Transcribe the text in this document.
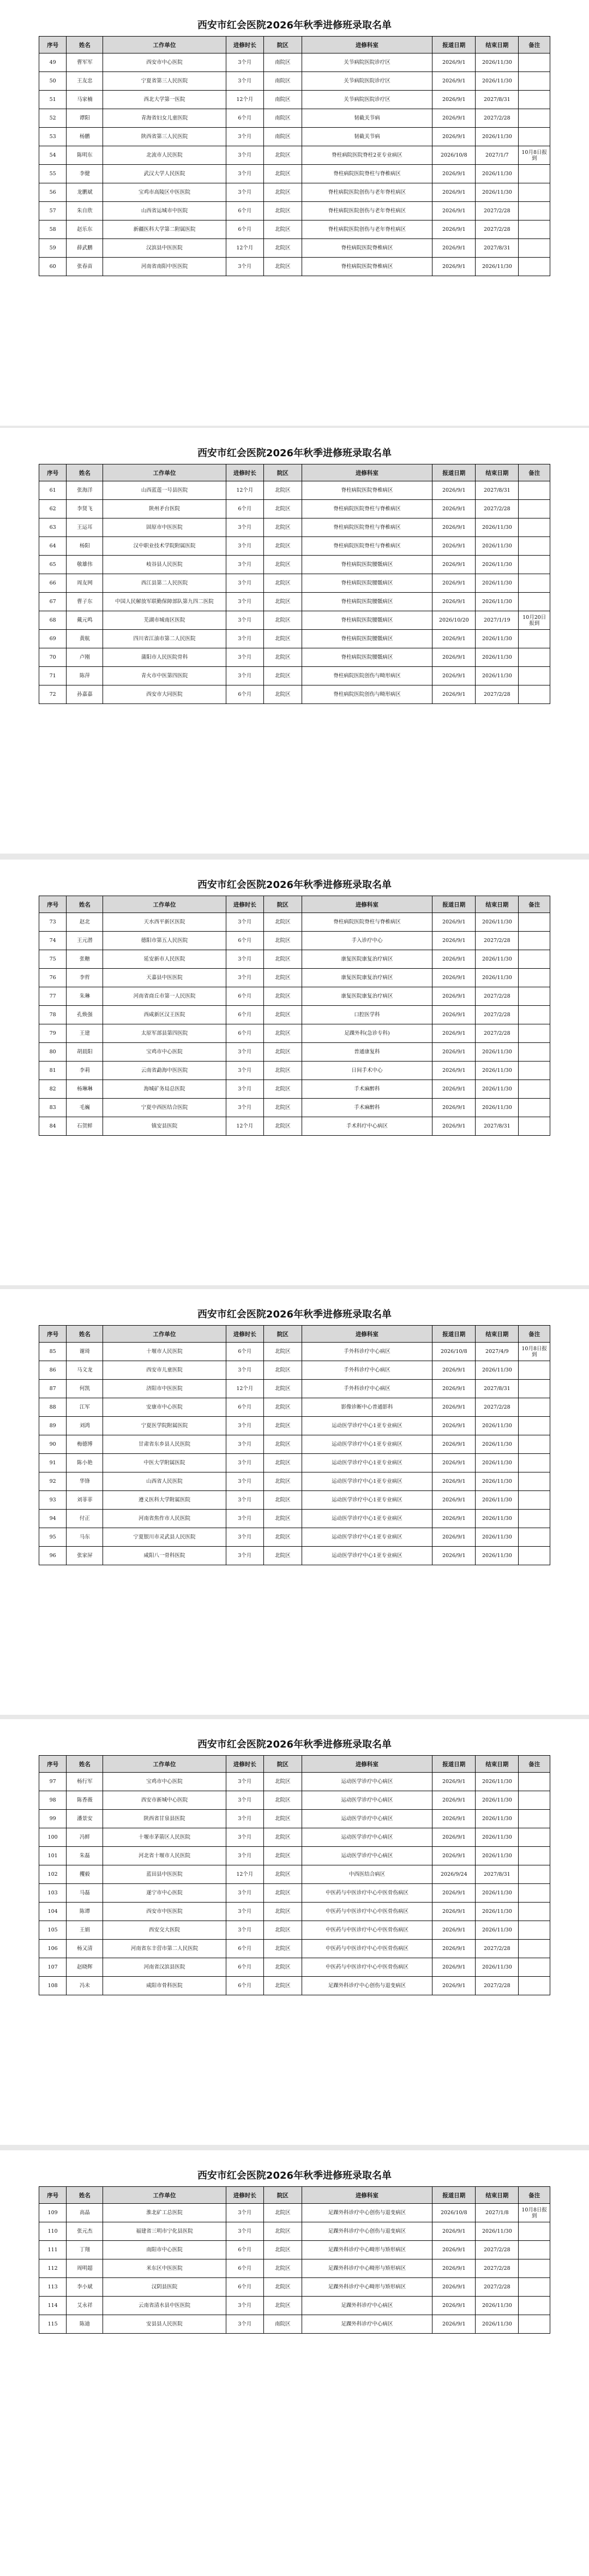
西安市红会医院2026年秋季进修班录取名单
序号	姓名	工作单位	进修时长	院区	进修科室	报道日期	结束日期	备注
49	曹军军	西安市中心医院	3个月	南院区	关节病院医院诊疗区	2026/9/1	2026/11/30	
50	王友忠	宁夏省第三人民医院	3个月	南院区	关节病院医院诊疗区	2026/9/1	2026/11/30	
51	马家楠	西北大学第一医院	12个月	南院区	关节病院医院诊疗区	2026/9/1	2027/8/31	
52	谭阳	青海省妇女儿童医院	6个月	南院区	韧截关节病	2026/9/1	2027/2/28	
53	杨鹏	陕西省第三人民医院	3个月	南院区	韧截关节病	2026/9/1	2026/11/30	
54	陈明东	北流市人民医院	3个月	北院区	脊柱病院医院脊柱2亚专业病区	2026/10/8	2027/1/7	10月8日报到
55	李健	武汉大学人民医院	3个月	北院区	脊柱病院医院脊柱与脊椎病区	2026/9/1	2026/11/30	
56	龙鹏斌	宝鸡市高陵区中医医院	3个月	北院区	脊柱病院医院创伤与老年脊柱病区	2026/9/1	2026/11/30	
57	朱自欣	山西省运城市中医院	6个月	北院区	脊柱病院医院创伤与老年脊柱病区	2026/9/1	2027/2/28	
58	赵乐东	新疆医科大学第二附属医院	6个月	北院区	脊柱病院医院创伤与老年脊柱病区	2026/9/1	2027/2/28	
59	薛武鹏	汉滨县中医医院	12个月	北院区	脊柱病院医院脊椎病区	2026/9/1	2027/8/31	
60	张春苗	河南省南阳中医医院	3个月	北院区	脊柱病院医院脊椎病区	2026/9/1	2026/11/30	
西安市红会医院2026年秋季进修班录取名单
序号	姓名	工作单位	进修时长	院区	进修科室	报道日期	结束日期	备注
61	张海洋	山西蓝莲一号县医院	12个月	北院区	脊柱病院医院脊椎病区	2026/9/1	2027/8/31	
62	李贤飞	陕州矛台医院	6个月	北院区	脊柱病院医院脊柱与脊椎病区	2026/9/1	2027/2/28	
63	王运耳	固原市中医医院	3个月	北院区	脊柱病院医院脊柱与脊椎病区	2026/9/1	2026/11/30	
64	杨阳	汉中职业技术学院附属医院	3个月	北院区	脊柱病院医院脊柱与脊椎病区	2026/9/1	2026/11/30	
65	敬雄伟	岐谷县人民医院	3个月	北院区	脊柱病院医院腰骶病区	2026/9/1	2026/11/30	
66	周友网	西江县第二人民医院	3个月	北院区	脊柱病院医院腰骶病区	2026/9/1	2026/11/30	
67	曹子东	中国人民解放军联勤保障部队第九四二医院	3个月	北院区	脊柱病院医院腰骶病区	2026/9/1	2026/11/30	
68	戴元鸣	芜湖市城南区医院	3个月	北院区	脊柱病院医院腰骶病区	2026/10/20	2027/1/19	10月20日报到
69	黄航	四川省江油市第二人民医院	3个月	北院区	脊柱病院医院腰骶病区	2026/9/1	2026/11/30	
70	卢刚	蒲阳市人民医院骨科	3个月	北院区	脊柱病院医院腰骶病区	2026/9/1	2026/11/30	
71	陈萍	青火市中医第四医院	3个月	北院区	脊柱病院医院创伤与畸形病区	2026/9/1	2026/11/30	
72	孙嘉嘉	西安市大同医院	6个月	北院区	脊柱病院医院创伤与畸形病区	2026/9/1	2027/2/28	
西安市红会医院2026年秋季进修班录取名单
序号	姓名	工作单位	进修时长	院区	进修科室	报道日期	结束日期	备注
73	赵北	天水西平新区医院	3个月	北院区	脊柱病院医院脊柱与脊椎病区	2026/9/1	2026/11/30	
74	王元潜	德阳市第五人民医院	6个月	北院区	手入诊疗中心	2026/9/1	2027/2/28	
75	张糖	延安新市人民医院	3个月	北院区	康复医院康复治疗病区	2026/9/1	2026/11/30	
76	李哲	天嘉县中医医院	3个月	北院区	康复医院康复治疗病区	2026/9/1	2026/11/30	
77	朱琳	河南省商丘市第一人民医院	6个月	北院区	康复医院康复治疗病区	2026/9/1	2027/2/28	
78	孔焕强	西咸新区汉王医院	6个月	北院区	口腔医学科	2026/9/1	2027/2/28	
79	王建	太原军部县第四医院	6个月	北院区	足踝外科(急诊专科)	2026/9/1	2027/2/28	
80	胡晨阳	宝鸡市中心医院	3个月	北院区	普通康复科	2026/9/1	2026/11/30	
81	李莉	云南省勐海中医医院	3个月	北院区	日间手术中心	2026/9/1	2026/11/30	
82	杨琳琳	海城矿务局总医院	3个月	北院区	手术麻醉科	2026/9/1	2026/11/30	
83	毛巍	宁夏中西医结合医院	3个月	北院区	手术麻醉科	2026/9/1	2026/11/30	
84	石贺鲜	镇安县医院	12个月	北院区	手术科疗中心病区	2026/9/1	2027/8/31	
西安市红会医院2026年秋季进修班录取名单
序号	姓名	工作单位	进修时长	院区	进修科室	报道日期	结束日期	备注
85	谢琦	十堰市人民医院	6个月	北院区	手外科诊疗中心病区	2026/10/8	2027/4/9	10月8日报到
86	马文龙	西安市儿童医院	3个月	北院区	手外科诊疗中心病区	2026/9/1	2026/11/30	
87	何凯	济阳市中医医院	12个月	北院区	手外科诊疗中心病区	2026/9/1	2027/8/31	
88	江军	安康市中心医院	6个月	北院区	影像诊断中心普通影科	2026/9/1	2027/2/28	
89	刘鸿	宁夏医学院附属医院	3个月	北院区	运动医学诊疗中心1亚专业病区	2026/9/1	2026/11/30	
90	梅德博	甘肃省东乡县人民医院	3个月	北院区	运动医学诊疗中心1亚专业病区	2026/9/1	2026/11/30	
91	陈小艳	中医大学附属医院	3个月	北院区	运动医学诊疗中心1亚专业病区	2026/9/1	2026/11/30	
92	华锋	山西省人民医院	3个月	北院区	运动医学诊疗中心1亚专业病区	2026/9/1	2026/11/30	
93	刘菲菲	遵义医科大学附属医院	3个月	北院区	运动医学诊疗中心1亚专业病区	2026/9/1	2026/11/30	
94	付正	河南省焦作市人民医院	3个月	北院区	运动医学诊疗中心1亚专业病区	2026/9/1	2026/11/30	
95	马东	宁夏银川市灵武县人民医院	3个月	北院区	运动医学诊疗中心1亚专业病区	2026/9/1	2026/11/30	
96	张家屏	咸阳八一骨科医院	3个月	北院区	运动医学诊疗中心1亚专业病区	2026/9/1	2026/11/30	
西安市红会医院2026年秋季进修班录取名单
序号	姓名	工作单位	进修时长	院区	进修科室	报道日期	结束日期	备注
97	杨行军	宝鸡市中心医院	3个月	北院区	运动医学诊疗中心病区	2026/9/1	2026/11/30	
98	陈香薇	西安市新城中心医院	3个月	北院区	运动医学诊疗中心病区	2026/9/1	2026/11/30	
99	潘景安	陕西省甘泉县医院	3个月	北院区	运动医学诊疗中心病区	2026/9/1	2026/11/30	
100	冯鲜	十堰市茅箭区人民医院	3个月	北院区	运动医学诊疗中心病区	2026/9/1	2026/11/30	
101	朱磊	河北省十堰市人民医院	3个月	北院区	运动医学诊疗中心病区	2026/9/1	2026/11/30	
102	攫毅	蓝田县中医医院	12个月	北院区	中西医结合病区	2026/9/24	2027/8/31	
103	马磊	遂宁市中心医院	3个月	北院区	中医药与中医诊疗中心中医骨伤病区	2026/9/1	2026/11/30	
104	陈谭	西安市中医医院	3个月	北院区	中医药与中医诊疗中心中医骨伤病区	2026/9/1	2026/11/30	
105	王娟	西安交大医院	3个月	北院区	中医药与中医诊疗中心中医骨伤病区	2026/9/1	2026/11/30	
106	杨又清	河南省东丰营市第二人民医院	6个月	北院区	中医药与中医诊疗中心中医骨伤病区	2026/9/1	2027/2/28	
107	赵晓辉	河南省汉滨县医院	6个月	北院区	中医药与中医诊疗中心中医骨伤病区	2026/9/1	2026/11/30	
108	冯未	咸阳市骨科医院	6个月	北院区	足踝外科诊疗中心创伤与退变病区	2026/9/1	2027/2/28	
西安市红会医院2026年秋季进修班录取名单
序号	姓名	工作单位	进修时长	院区	进修科室	报道日期	结束日期	备注
109	高晶	淮北矿工总医院	3个月	北院区	足踝外科诊疗中心创伤与退变病区	2026/10/8	2027/1/8	10月8日报到
110	张元杰	福建省三明市宁化县医院	3个月	北院区	足踝外科诊疗中心创伤与退变病区	2026/9/1	2026/11/30	
111	丁翔	南阳市中心医院	6个月	北院区	足踝外科诊疗中心畸形与矫形病区	2026/9/1	2027/2/28	
112	周明超	米东区中医医院	6个月	北院区	足踝外科诊疗中心畸形与矫形病区	2026/9/1	2027/2/28	
113	李小斌	汉阴县医院	6个月	北院区	足踝外科诊疗中心畸形与矫形病区	2026/9/1	2027/2/28	
114	艾永祥	云南省清水县中医医院	3个月	北院区	足踝外科诊疗中心病区	2026/9/1	2026/11/30	
115	陈迪	安县县人民医院	3个月	南院区	足踝外科诊疗中心病区	2026/9/1	2026/11/30	
